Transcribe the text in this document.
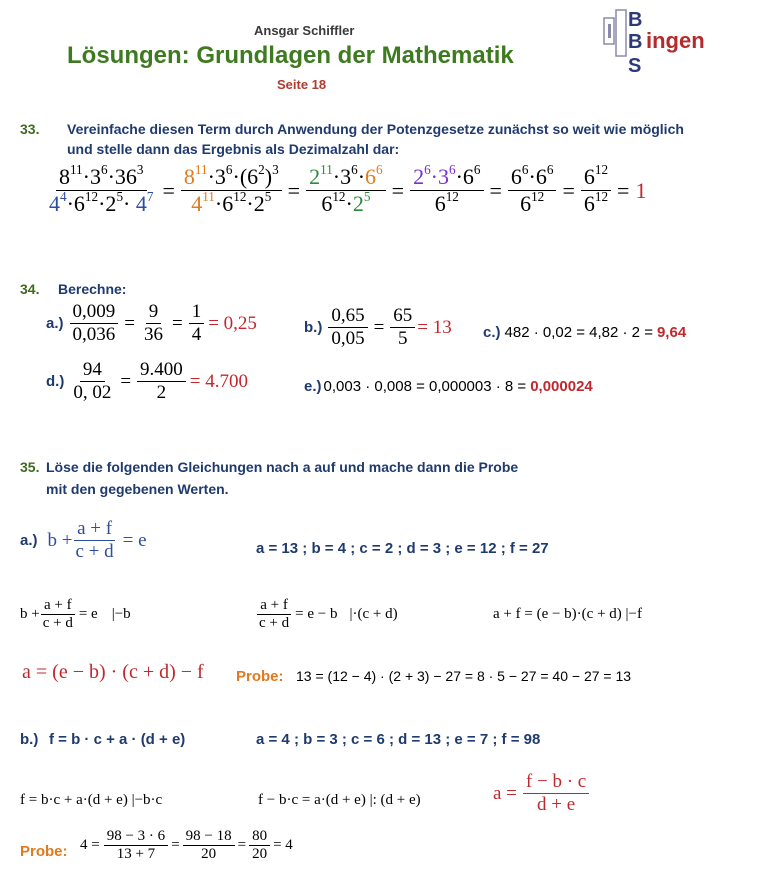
Ansgar Schiffler
Lösungen: Grundlagen der Mathematik
Seite 18
B
B ingen
S
33. Vereinfache diesen Term durch Anwendung der Potenzgesetze zunächst so weit wie möglich
und stelle dann das Ergebnis als Dezimalzahl dar:
$\frac{8^{11}\cdot 3^6\cdot 36^3}{4^4\cdot 6^{12}\cdot 2^5\cdot 4^7} = \frac{8^{11}\cdot 3^6\cdot(6^2)^3}{4^{11}\cdot 6^{12}\cdot 2^5} = \frac{2^{11}\cdot 3^6\cdot 6^6}{6^{12}\cdot 2^5} = \frac{2^6\cdot 3^6\cdot 6^6}{6^{12}} = \frac{6^6\cdot 6^6}{6^{12}} = \frac{6^{12}}{6^{12}} = 1$
34. Berechne:
$a.) \frac{0,009}{0,036} = \frac{9}{36} = \frac{1}{4} = 0,25$	$b.) \frac{0,65}{0,05} = \frac{65}{5} = 13$ c.) 482 · 0,02 = 4,82 · 2 = 9,64
$d.) \frac{94}{0, 02} = \frac{9.400}{2} = 4.700$	e.) 0,003 · 0,008 = 0,000003 · 8 = 0,000024
35. Löse die folgenden Gleichungen nach a auf und mache dann die Probe
mit den gegebenen Werten.
a.) $b + \frac{a + f}{c + d} = e$	a = 13 ; b = 4 ; c = 2 ; d = 3 ; e = 12 ; f = 27
$b + \frac{a + f}{c + d} = e$ |−b	$\frac{a + f}{c + d} = e - b$ |·(c + d)	a + f = (e − b)·(c + d) |−f
a = (e − b) · (c + d) − f Probe: 13 = (12 − 4) · (2 + 3) − 27 = 8 · 5 − 27 = 40 − 27 = 13
b.) f = b · c + a · (d + e)	a = 4 ; b = 3 ; c = 6 ; d = 13 ; e = 7 ; f = 98
f = b·c + a·(d + e) |−b·c	f − b·c = a·(d + e) |: (d + e)	$a = \frac{f - b \cdot c}{d + e}$
Probe: $4 = \frac{98 - 3 \cdot 6}{13 + 7} = \frac{98 - 18}{20} = \frac{80}{20} = 4$
